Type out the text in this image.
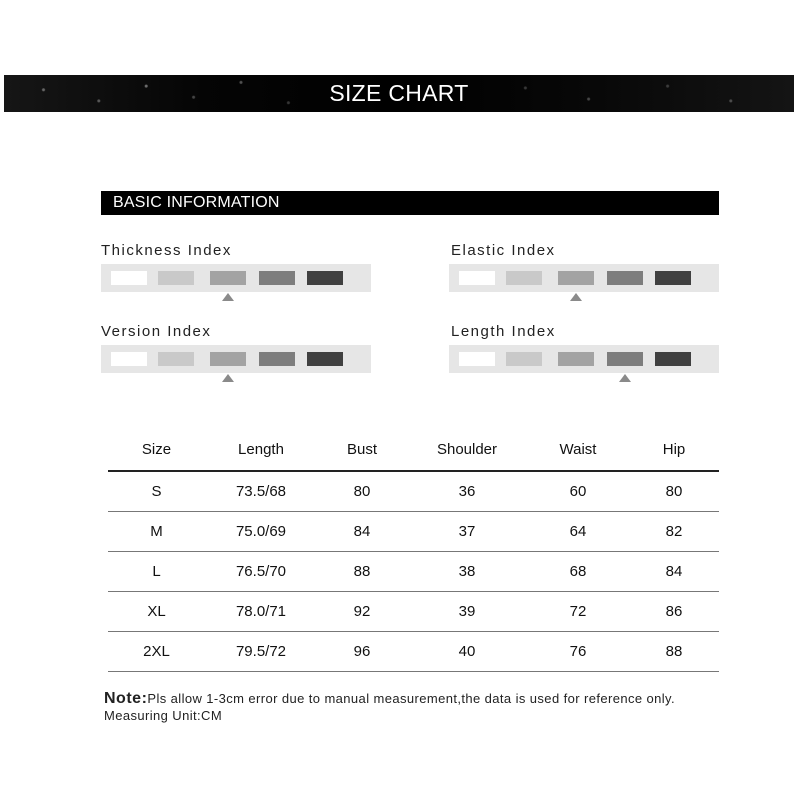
SIZE CHART
BASIC INFORMATION
Thickness Index	Elastic Index
Version Index	Length Index
Size	Length	Bust	Shoulder	Waist	Hip
S	73.5/68	80	36	60	80
M	75.0/69	84	37	64	82
L	76.5/70	88	38	68	84
XL	78.0/71	92	39	72	86
2XL	79.5/72	96	40	76	88
Note:Pls allow 1-3cm error due to manual measurement,the data is used for reference only.
Measuring Unit:CM
